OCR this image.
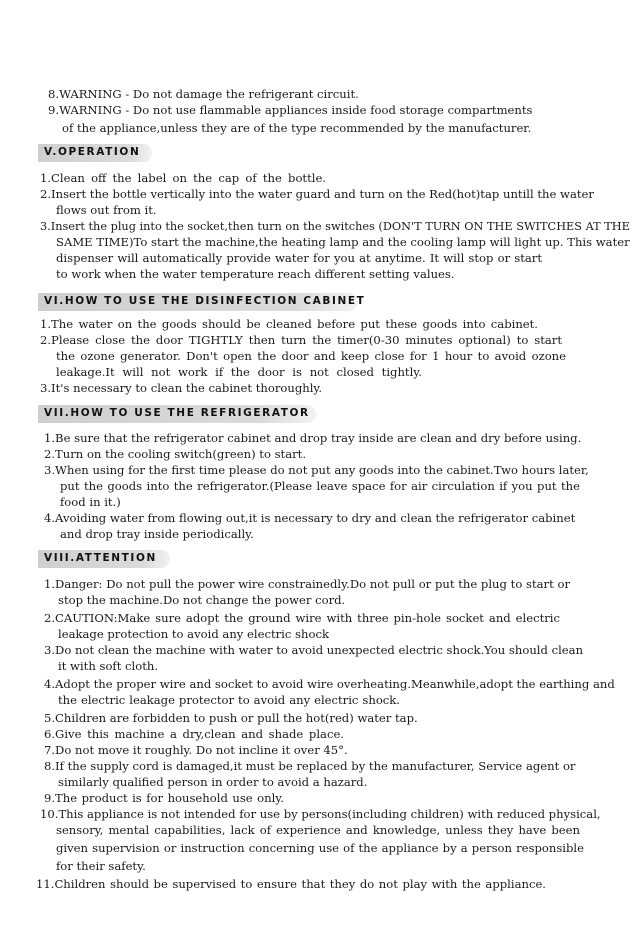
8.WARNING - Do not damage the refrigerant circuit.
9.WARNING - Do not use flammable appliances inside food storage compartments
of the appliance,unless they are of the type recommended by the manufacturer.
V.OPERATION
1.Clean off the label on the cap of the bottle.
2.Insert the bottle vertically into the water guard and turn on the Red(hot)tap untill the water
flows out from it.
3.Insert the plug into the socket,then turn on the switches (DON'T TURN ON THE SWITCHES AT THE
SAME TIME)To start the machine,the heating lamp and the cooling lamp will light up. This water
dispenser will automatically provide water for you at anytime. It will stop or start
to work when the water temperature reach different setting values.
VI.HOW TO USE THE DISINFECTION CABINET
1.The water on the goods should be cleaned before put these goods into cabinet.
2.Please close the door TIGHTLY then turn the timer(0-30 minutes optional) to start
the ozone generator. Don't open the door and keep close for 1 hour to avoid ozone
leakage.It will not work if the door is not closed tightly.
3.It's necessary to clean the cabinet thoroughly.
VII.HOW TO USE THE REFRIGERATOR
1.Be sure that the refrigerator cabinet and drop tray inside are clean and dry before using.
2.Turn on the cooling switch(green) to start.
3.When using for the first time please do not put any goods into the cabinet.Two hours later,
put the goods into the refrigerator.(Please leave space for air circulation if you put the
food in it.)
4.Avoiding water from flowing out,it is necessary to dry and clean the refrigerator cabinet
and drop tray inside periodically.
VIII.ATTENTION
1.Danger: Do not pull the power wire constrainedly.Do not pull or put the plug to start or
stop the machine.Do not change the power cord.
2.CAUTION:Make sure adopt the ground wire with three pin-hole socket and electric
leakage protection to avoid any electric shock
3.Do not clean the machine with water to avoid unexpected electric shock.You should clean
it with soft cloth.
4.Adopt the proper wire and socket to avoid wire overheating.Meanwhile,adopt the earthing and
the electric leakage protector to avoid any electric shock.
5.Children are forbidden to push or pull the hot(red) water tap.
6.Give this machine a dry,clean and shade place.
7.Do not move it roughly. Do not incline it over 45°.
8.If the supply cord is damaged,it must be replaced by the manufacturer, Service agent or
similarly qualified person in order to avoid a hazard.
9.The product is for household use only.
10.This appliance is not intended for use by persons(including children) with reduced physical,
sensory, mental capabilities, lack of experience and knowledge, unless they have been
given supervision or instruction concerning use of the appliance by a person responsible
for their safety.
11.Children should be supervised to ensure that they do not play with the appliance.
